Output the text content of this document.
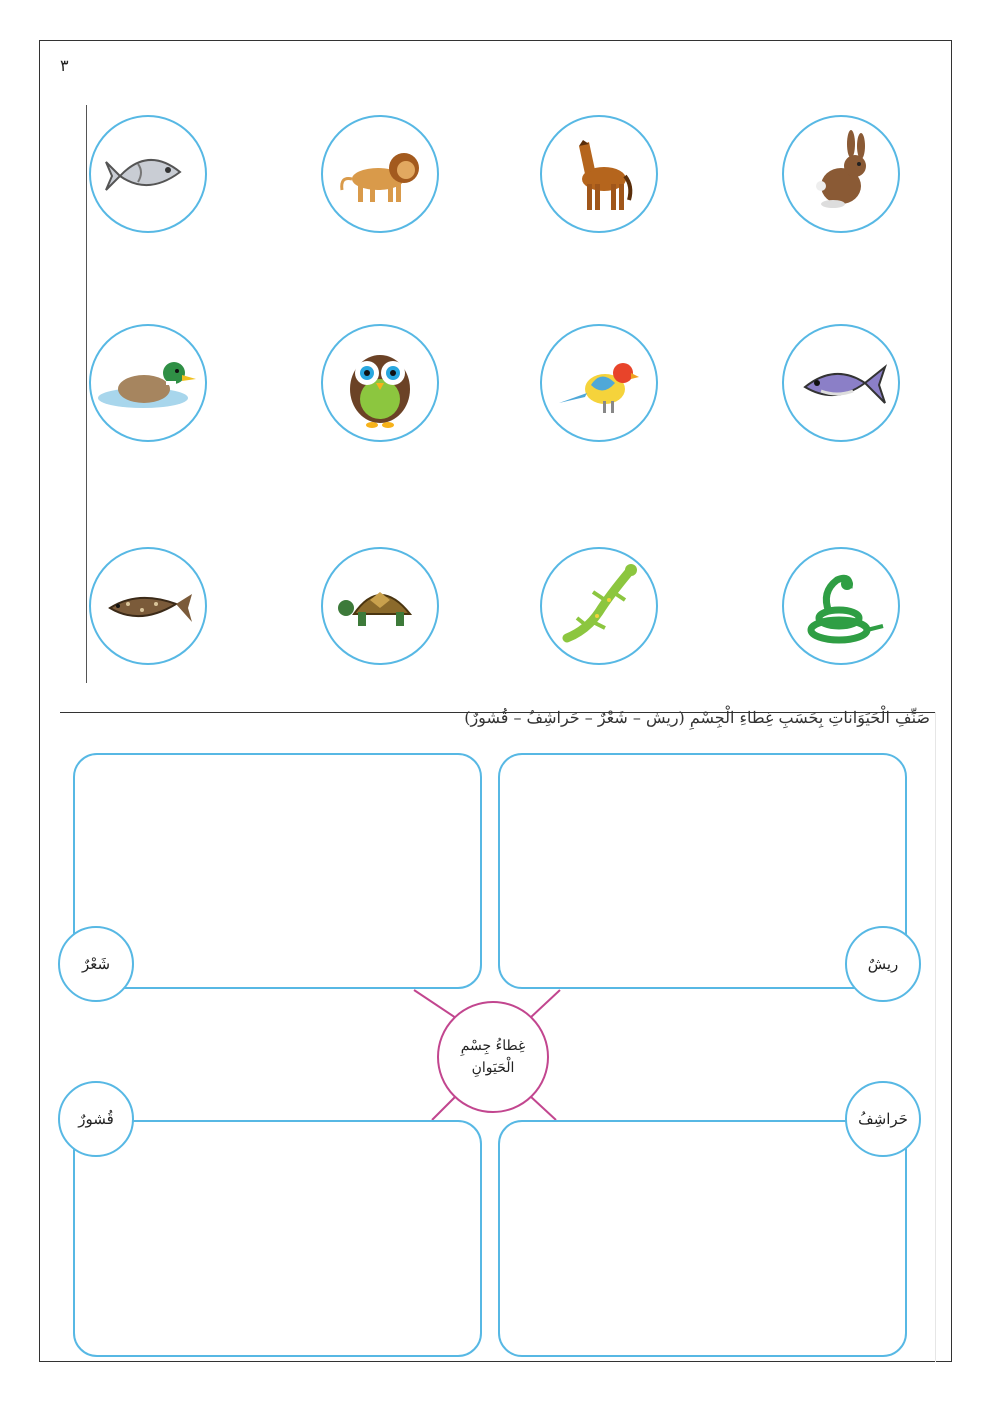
٣
صَنِّفِ الْحَيَوَاناتِ بِحَسَبِ غِطاءِ الْجِسْمِ (ريش – شَعْرٌ – حَراشِفُ – قُشورٌ)
شَعْرٌ	ريشٌ
قُشورٌ	حَراشِفُ
غِطاءُ جِسْمِ
الْحَيَوانِ
